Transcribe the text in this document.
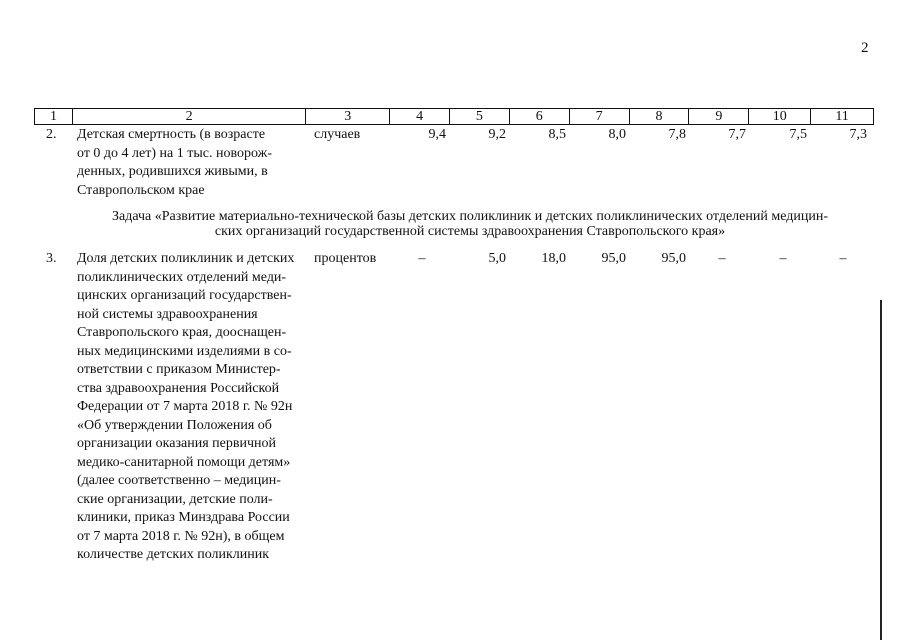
2
1	2	3	4	5	6	7	8	9	10	11
2.	Детская смертность (в возрасте
от 0 до 4 лет) на 1 тыс. новорож-
денных, родившихся живыми, в
Ставропольском крае
случаев	9,4	9,2	8,5	8,0	7,8	7,7	7,5	7,3
Задача «Развитие материально-технической базы детских поликлиник и детских поликлинических отделений медицин-
ских организаций государственной системы здравоохранения Ставропольского края»
3.	Доля детских поликлиник и детских
поликлинических отделений меди-
цинских организаций государствен-
ной системы здравоохранения
Ставропольского края, дооснащен-
ных медицинскими изделиями в со-
ответствии с приказом Министер-
ства здравоохранения Российской
Федерации от 7 марта 2018 г. № 92н
«Об утверждении Положения об
организации оказания первичной
медико-санитарной помощи детям»
(далее соответственно – медицин-
ские организации, детские поли-
клиники, приказ Минздрава России
от 7 марта 2018 г. № 92н), в общем
количестве детских поликлиник
процентов	–	5,0	18,0	95,0	95,0	–	–	–
